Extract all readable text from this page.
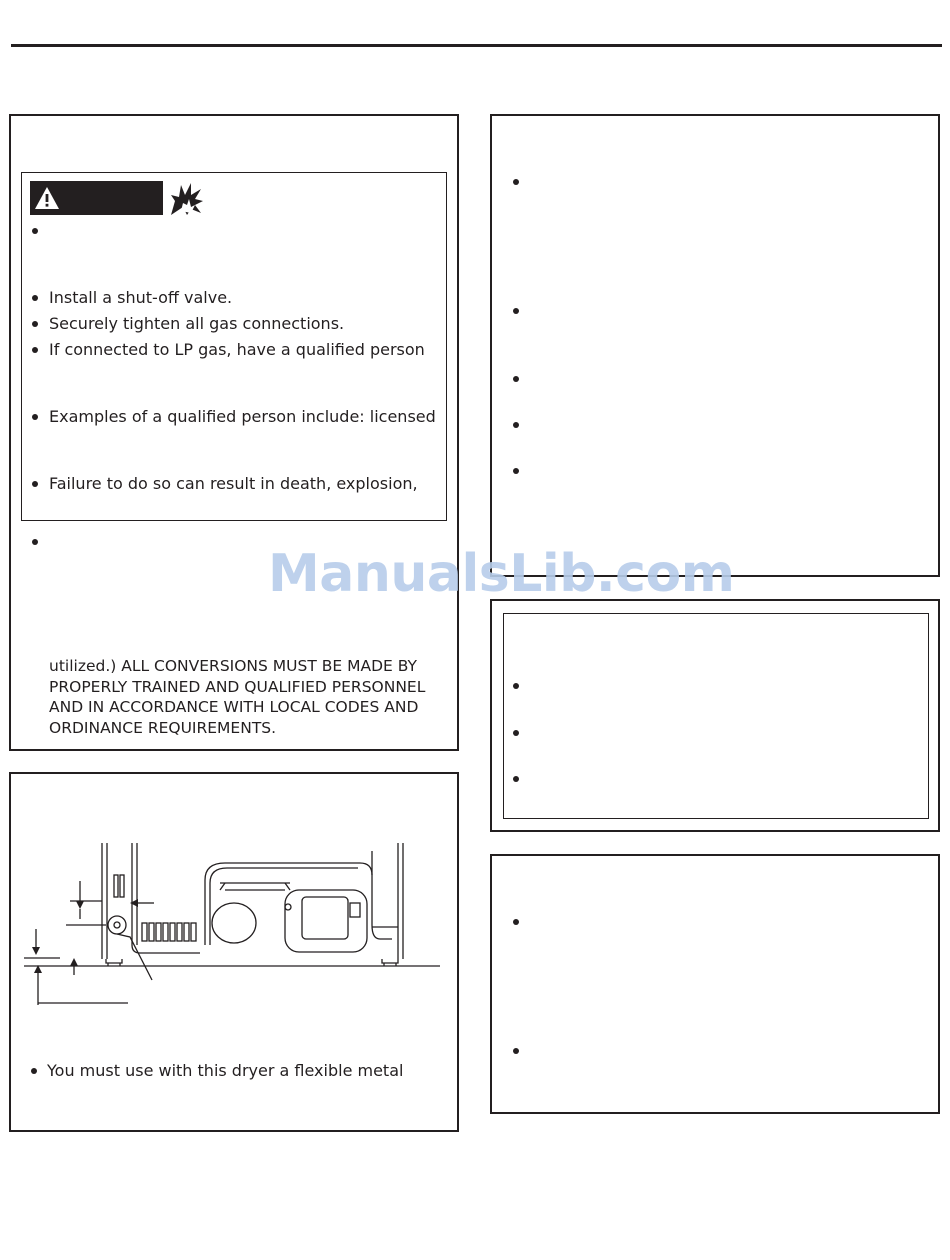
Install a shut-off valve.
Securely tighten all gas connections.
If connected to LP gas, have a qualified person
Examples of a qualified person include: licensed
Failure to do so can result in death, explosion,
utilized.) ALL CONVERSIONS MUST BE MADE BY
PROPERLY TRAINED AND QUALIFIED PERSONNEL
AND IN ACCORDANCE WITH LOCAL CODES AND
ORDINANCE REQUIREMENTS.
You must use with this dryer a flexible metal
ManualsLib.com
